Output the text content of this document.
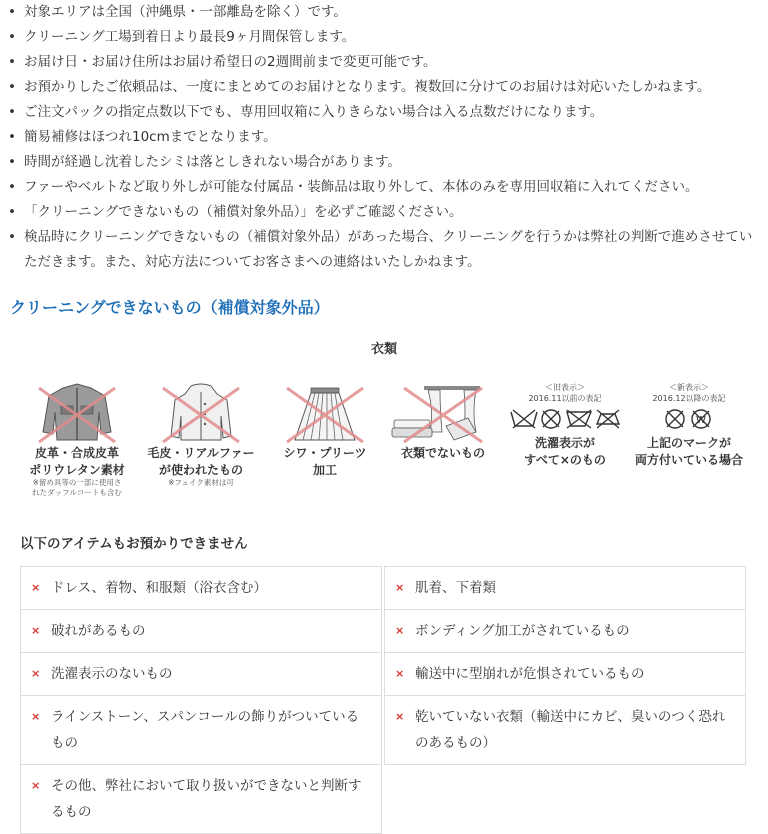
• 対象エリアは全国（沖縄県・一部離島を除く）です。
• クリーニング工場到着日より最長9ヶ月間保管します。
• お届け日・お届け住所はお届け希望日の2週間前まで変更可能です。
• お預かりしたご依頼品は、一度にまとめてのお届けとなります。複数回に分けてのお届けは対応いたしかねます。
• ご注文パックの指定点数以下でも、専用回収箱に入りきらない場合は入る点数だけになります。
• 簡易補修はほつれ10cmまでとなります。
• 時間が経過し沈着したシミは落としきれない場合があります。
• ファーやベルトなど取り外しが可能な付属品・装飾品は取り外して、本体のみを専用回収箱に入れてください。
• 「クリーニングできないもの（補償対象外品）」を必ずご確認ください。
• 検品時にクリーニングできないもの（補償対象外品）があった場合、クリーニングを行うかは弊社の判断で進めさせていただきます。また、対応方法についてお客さまへの連絡はいたしかねます。
クリーニングできないもの（補償対象外品）
衣類
皮革・合成皮革
ポリウレタン素材
※留め具等の一部に使用さ
れたダッフルコートも含む
毛皮・リアルファー
が使われたもの
※フェイク素材は可
シワ・プリーツ
加工
衣類でないもの
＜旧表示＞
2016.11以前の表記
洗濯表示が
すべて×のもの
＜新表示＞
2016.12以降の表記
W
上記のマークが
両方付いている場合
以下のアイテムもお預かりできません
× ドレス、着物、和服類（浴衣含む）
× 破れがあるもの
× 洗濯表示のないもの
× ラインストーン、スパンコールの飾りがついているもの
× その他、弊社において取り扱いができないと判断するもの
× 肌着、下着類
× ボンディング加工がされているもの
× 輸送中に型崩れが危惧されているもの
× 乾いていない衣類（輸送中にカビ、臭いのつく恐れのあるもの）
